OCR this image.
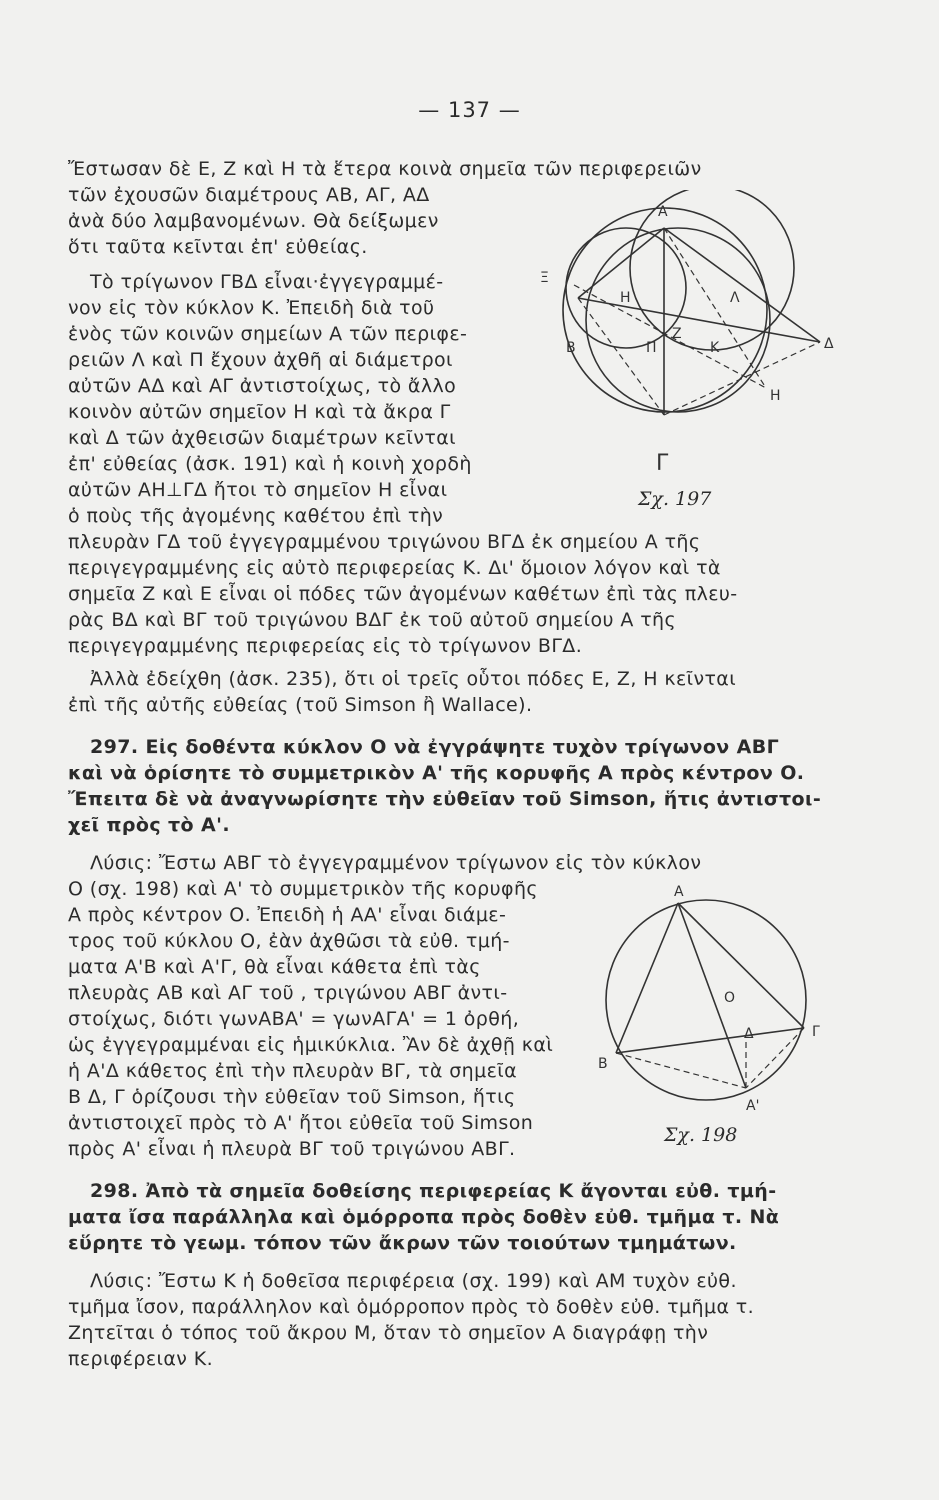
— 137 —
Ἔστωσαν δὲ Ε, Ζ καὶ Η τὰ ἕτερα κοινὰ σημεῖα τῶν περιφερειῶν
τῶν ἐχουσῶν διαμέτρους ΑΒ, ΑΓ, ΑΔ
ἀνὰ δύο λαμβανομένων. Θὰ δείξωμεν
ὅτι ταῦτα κεῖνται ἐπ' εὐθείας.
Τὸ τρίγωνον ΓΒΔ εἶναι·ἐγγεγραμμέ-
νον εἰς τὸν κύκλον Κ. Ἐπειδὴ διὰ τοῦ
ἑνὸς τῶν κοινῶν σημείων Α τῶν περιφε-
ρειῶν Λ καὶ Π ἔχουν ἀχθῆ αἱ διάμετροι
αὐτῶν ΑΔ καὶ ΑΓ ἀντιστοίχως, τὸ ἄλλο
κοινὸν αὐτῶν σημεῖον Η καὶ τὰ ἄκρα Γ
καὶ Δ τῶν ἀχθεισῶν διαμέτρων κεῖνται
ἐπ' εὐθείας (ἀσκ. 191) καὶ ἡ κοινὴ χορδὴ
αὐτῶν ΑΗ⊥ΓΔ ἤτοι τὸ σημεῖον Η εἶναι
ὁ ποὺς τῆς ἀγομένης καθέτου ἐπὶ τὴν
πλευρὰν ΓΔ τοῦ ἐγγεγραμμένου τριγώνου ΒΓΔ ἐκ σημείου Α τῆς
περιγεγραμμένης εἰς αὐτὸ περιφερείας Κ. Δι' ὅμοιον λόγον καὶ τὰ
σημεῖα Ζ καὶ Ε εἶναι οἱ πόδες τῶν ἀγομένων καθέτων ἐπὶ τὰς πλευ-
ρὰς ΒΔ καὶ ΒΓ τοῦ τριγώνου ΒΔΓ ἐκ τοῦ αὐτοῦ σημείου Α τῆς
περιγεγραμμένης περιφερείας εἰς τὸ τρίγωνον ΒΓΔ.
Ἀλλὰ ἐδείχθη (ἀσκ. 235), ὅτι οἱ τρεῖς οὗτοι πόδες Ε, Ζ, Η κεῖνται
ἐπὶ τῆς αὐτῆς εὐθείας (τοῦ Simson ἢ Wallace).
297. Εἰς δοθέντα κύκλον Ο νὰ ἐγγράψητε τυχὸν τρίγωνον ΑΒΓ
καὶ νὰ ὁρίσητε τὸ συμμετρικὸν Α' τῆς κορυφῆς Α πρὸς κέντρον Ο.
Ἔπειτα δὲ νὰ ἀναγνωρίσητε τὴν εὐθεῖαν τοῦ Simson, ἥτις ἀντιστοι-
χεῖ πρὸς τὸ Α'.
Λύσις: Ἔστω ΑΒΓ τὸ ἐγγεγραμμένον τρίγωνον εἰς τὸν κύκλον
Ο (σχ. 198) καὶ Α' τὸ συμμετρικὸν τῆς κορυφῆς
Α πρὸς κέντρον Ο. Ἐπειδὴ ἡ ΑΑ' εἶναι διάμε-
τρος τοῦ κύκλου Ο, ἐὰν ἀχθῶσι τὰ εὐθ. τμή-
ματα Α'Β καὶ Α'Γ, θὰ εἶναι κάθετα ἐπὶ τὰς
πλευρὰς ΑΒ καὶ ΑΓ τοῦ , τριγώνου ΑΒΓ ἀντι-
στοίχως, διότι γωνΑΒΑ' = γωνΑΓΑ' = 1 ὀρθή,
ὡς ἐγγεγραμμέναι εἰς ἡμικύκλια. Ἂν δὲ ἀχθῇ καὶ
ἡ Α'Δ κάθετος ἐπὶ τὴν πλευρὰν ΒΓ, τὰ σημεῖα
Β Δ, Γ ὁρίζουσι τὴν εὐθεῖαν τοῦ Simson, ἥτις
ἀντιστοιχεῖ πρὸς τὸ Α' ἤτοι εὐθεῖα τοῦ Simson
πρὸς Α' εἶναι ἡ πλευρὰ ΒΓ τοῦ τριγώνου ΑΒΓ.
298. Ἀπὸ τὰ σημεῖα δοθείσης περιφερείας Κ ἄγονται εὐθ. τμή-
ματα ἴσα παράλληλα καὶ ὁμόρροπα πρὸς δοθὲν εὐθ. τμῆμα τ. Νὰ
εὕρητε τὸ γεωμ. τόπον τῶν ἄκρων τῶν τοιούτων τμημάτων.
Λύσις: Ἔστω Κ ἡ δοθεῖσα περιφέρεια (σχ. 199) καὶ ΑΜ τυχὸν εὐθ.
τμῆμα ἴσον, παράλληλον καὶ ὁμόρροπον πρὸς τὸ δοθὲν εὐθ. τμῆμα τ.
Ζητεῖται ὁ τόπος τοῦ ἄκρου Μ, ὅταν τὸ σημεῖον Α διαγράφῃ τὴν
περιφέρειαν Κ.
Α
Ξ
Η	Λ
Β	Π
Ζ
Κ	Δ
Η
Γ
Σχ. 197
Α
Ο
Δ	Γ
Β
Α'
Σχ. 198
